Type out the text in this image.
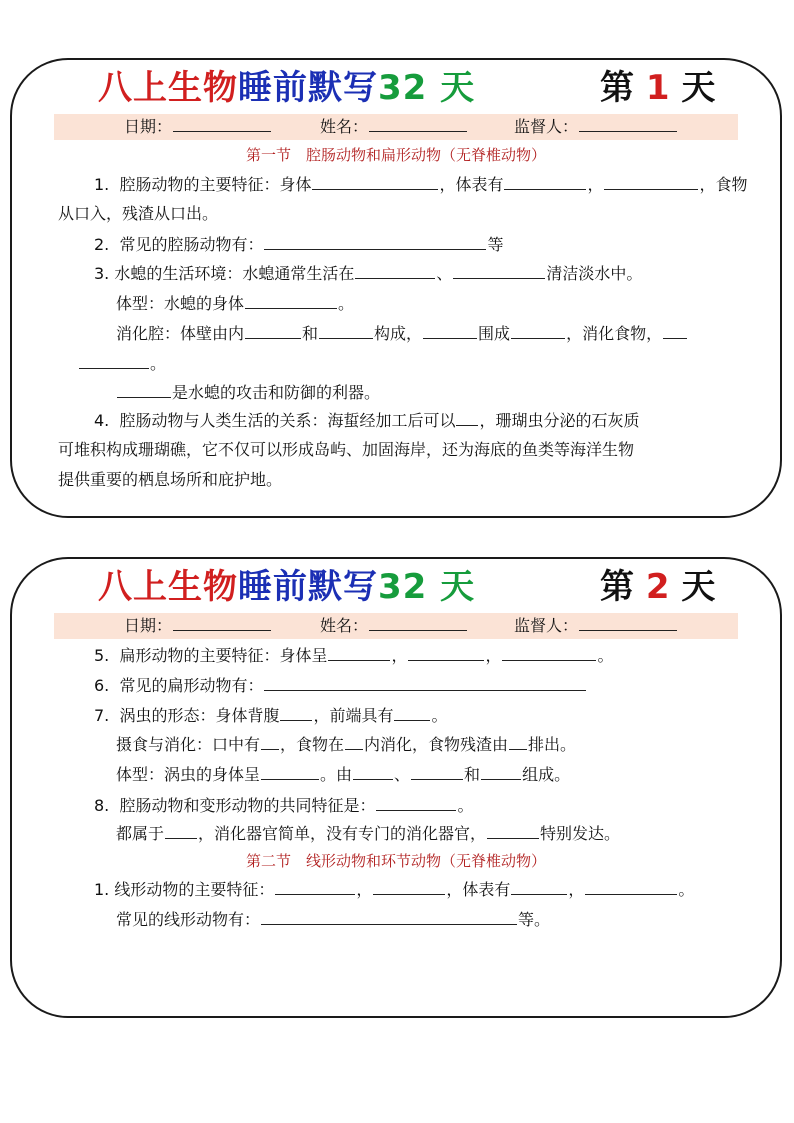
八上生物睡前默写32 天	第 1 天
日期：	姓名：	监督人：
第一节　腔肠动物和扁形动物（无脊椎动物）
1. 腔肠动物的主要特征：身体	，体表有	，	，食物
从口入，残渣从口出。
2. 常见的腔肠动物有：	等
3. 水螅的生活环境：水螅通常生活在	、	清洁淡水中。
体型：水螅的身体	。
消化腔：体壁由内	和	构成，	围成	，消化食物，
。
是水螅的攻击和防御的利器。
4. 腔肠动物与人类生活的关系：海蜇经加工后可以 ，珊瑚虫分泌的石灰质
可堆积构成珊瑚礁，它不仅可以形成岛屿、加固海岸，还为海底的鱼类等海洋生物
提供重要的栖息场所和庇护地。
八上生物睡前默写32 天	第 2 天
日期：	姓名：	监督人：
5. 扁形动物的主要特征：身体呈	，	，	。
6. 常见的扁形动物有：
7. 涡虫的形态：身体背腹 ，前端具有 。
摄食与消化：口中有 ，食物在 内消化，食物残渣由 排出。
体型：涡虫的身体呈	。由	、	和	组成。
8. 腔肠动物和变形动物的共同特征是：	。
都属于 ，消化器官简单，没有专门的消化器官，	特别发达。
第二节　线形动物和环节动物（无脊椎动物）
1. 线形动物的主要特征：	，	，体表有	，	。
常见的线形动物有：	等。
